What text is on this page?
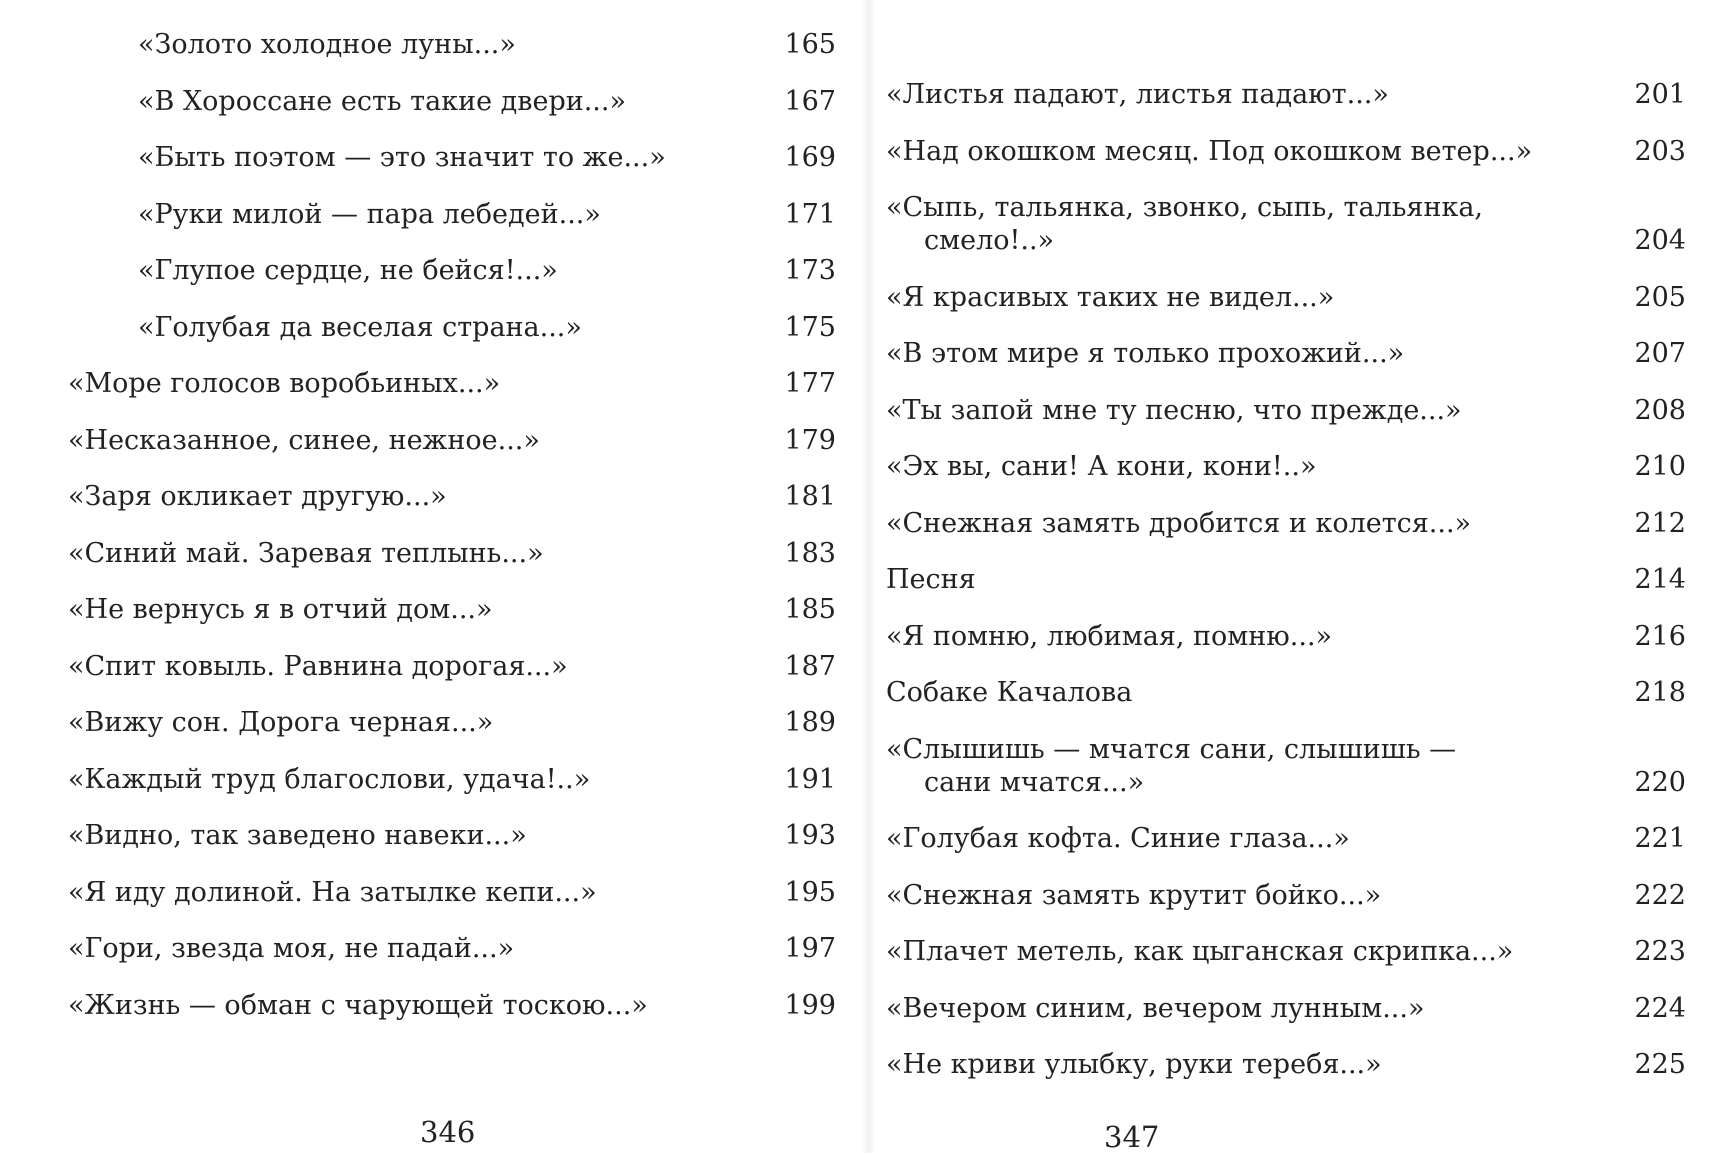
«Золото холодное луны...»	165
«В Хороссане есть такие двери...»	167
«Быть поэтом — это значит то же...»	169
«Руки милой — пара лебедей...»	171
«Глупое сердце, не бейся!...»	173
«Голубая да веселая страна...»	175
«Море голосов воробьиных...»	177
«Несказанное, синее, нежное...»	179
«Заря окликает другую...»	181
«Синий май. Заревая теплынь...»	183
«Не вернусь я в отчий дом...»	185
«Спит ковыль. Равнина дорогая...»	187
«Вижу сон. Дорога черная...»	189
«Каждый труд благослови, удача!..»	191
«Видно, так заведено навеки...»	193
«Я иду долиной. На затылке кепи...»	195
«Гори, звезда моя, не падай...»	197
«Жизнь — обман с чарующей тоскою...»	199
346
«Листья падают, листья падают...»	201
«Над окошком месяц. Под окошком ветер...»	203
«Сыпь, тальянка, звонко, сыпь, тальянка,
смело!..»	204
«Я красивых таких не видел...»	205
«В этом мире я только прохожий...»	207
«Ты запой мне ту песню, что прежде...»	208
«Эх вы, сани! А кони, кони!..»	210
«Снежная замять дробится и колется...»	212
Песня	214
«Я помню, любимая, помню...»	216
Собаке Качалова	218
«Слышишь — мчатся сани, слышишь —
сани мчатся...»	220
«Голубая кофта. Синие глаза...»	221
«Снежная замять крутит бойко...»	222
«Плачет метель, как цыганская скрипка...»	223
«Вечером синим, вечером лунным...»	224
«Не криви улыбку, руки теребя...»	225
347
